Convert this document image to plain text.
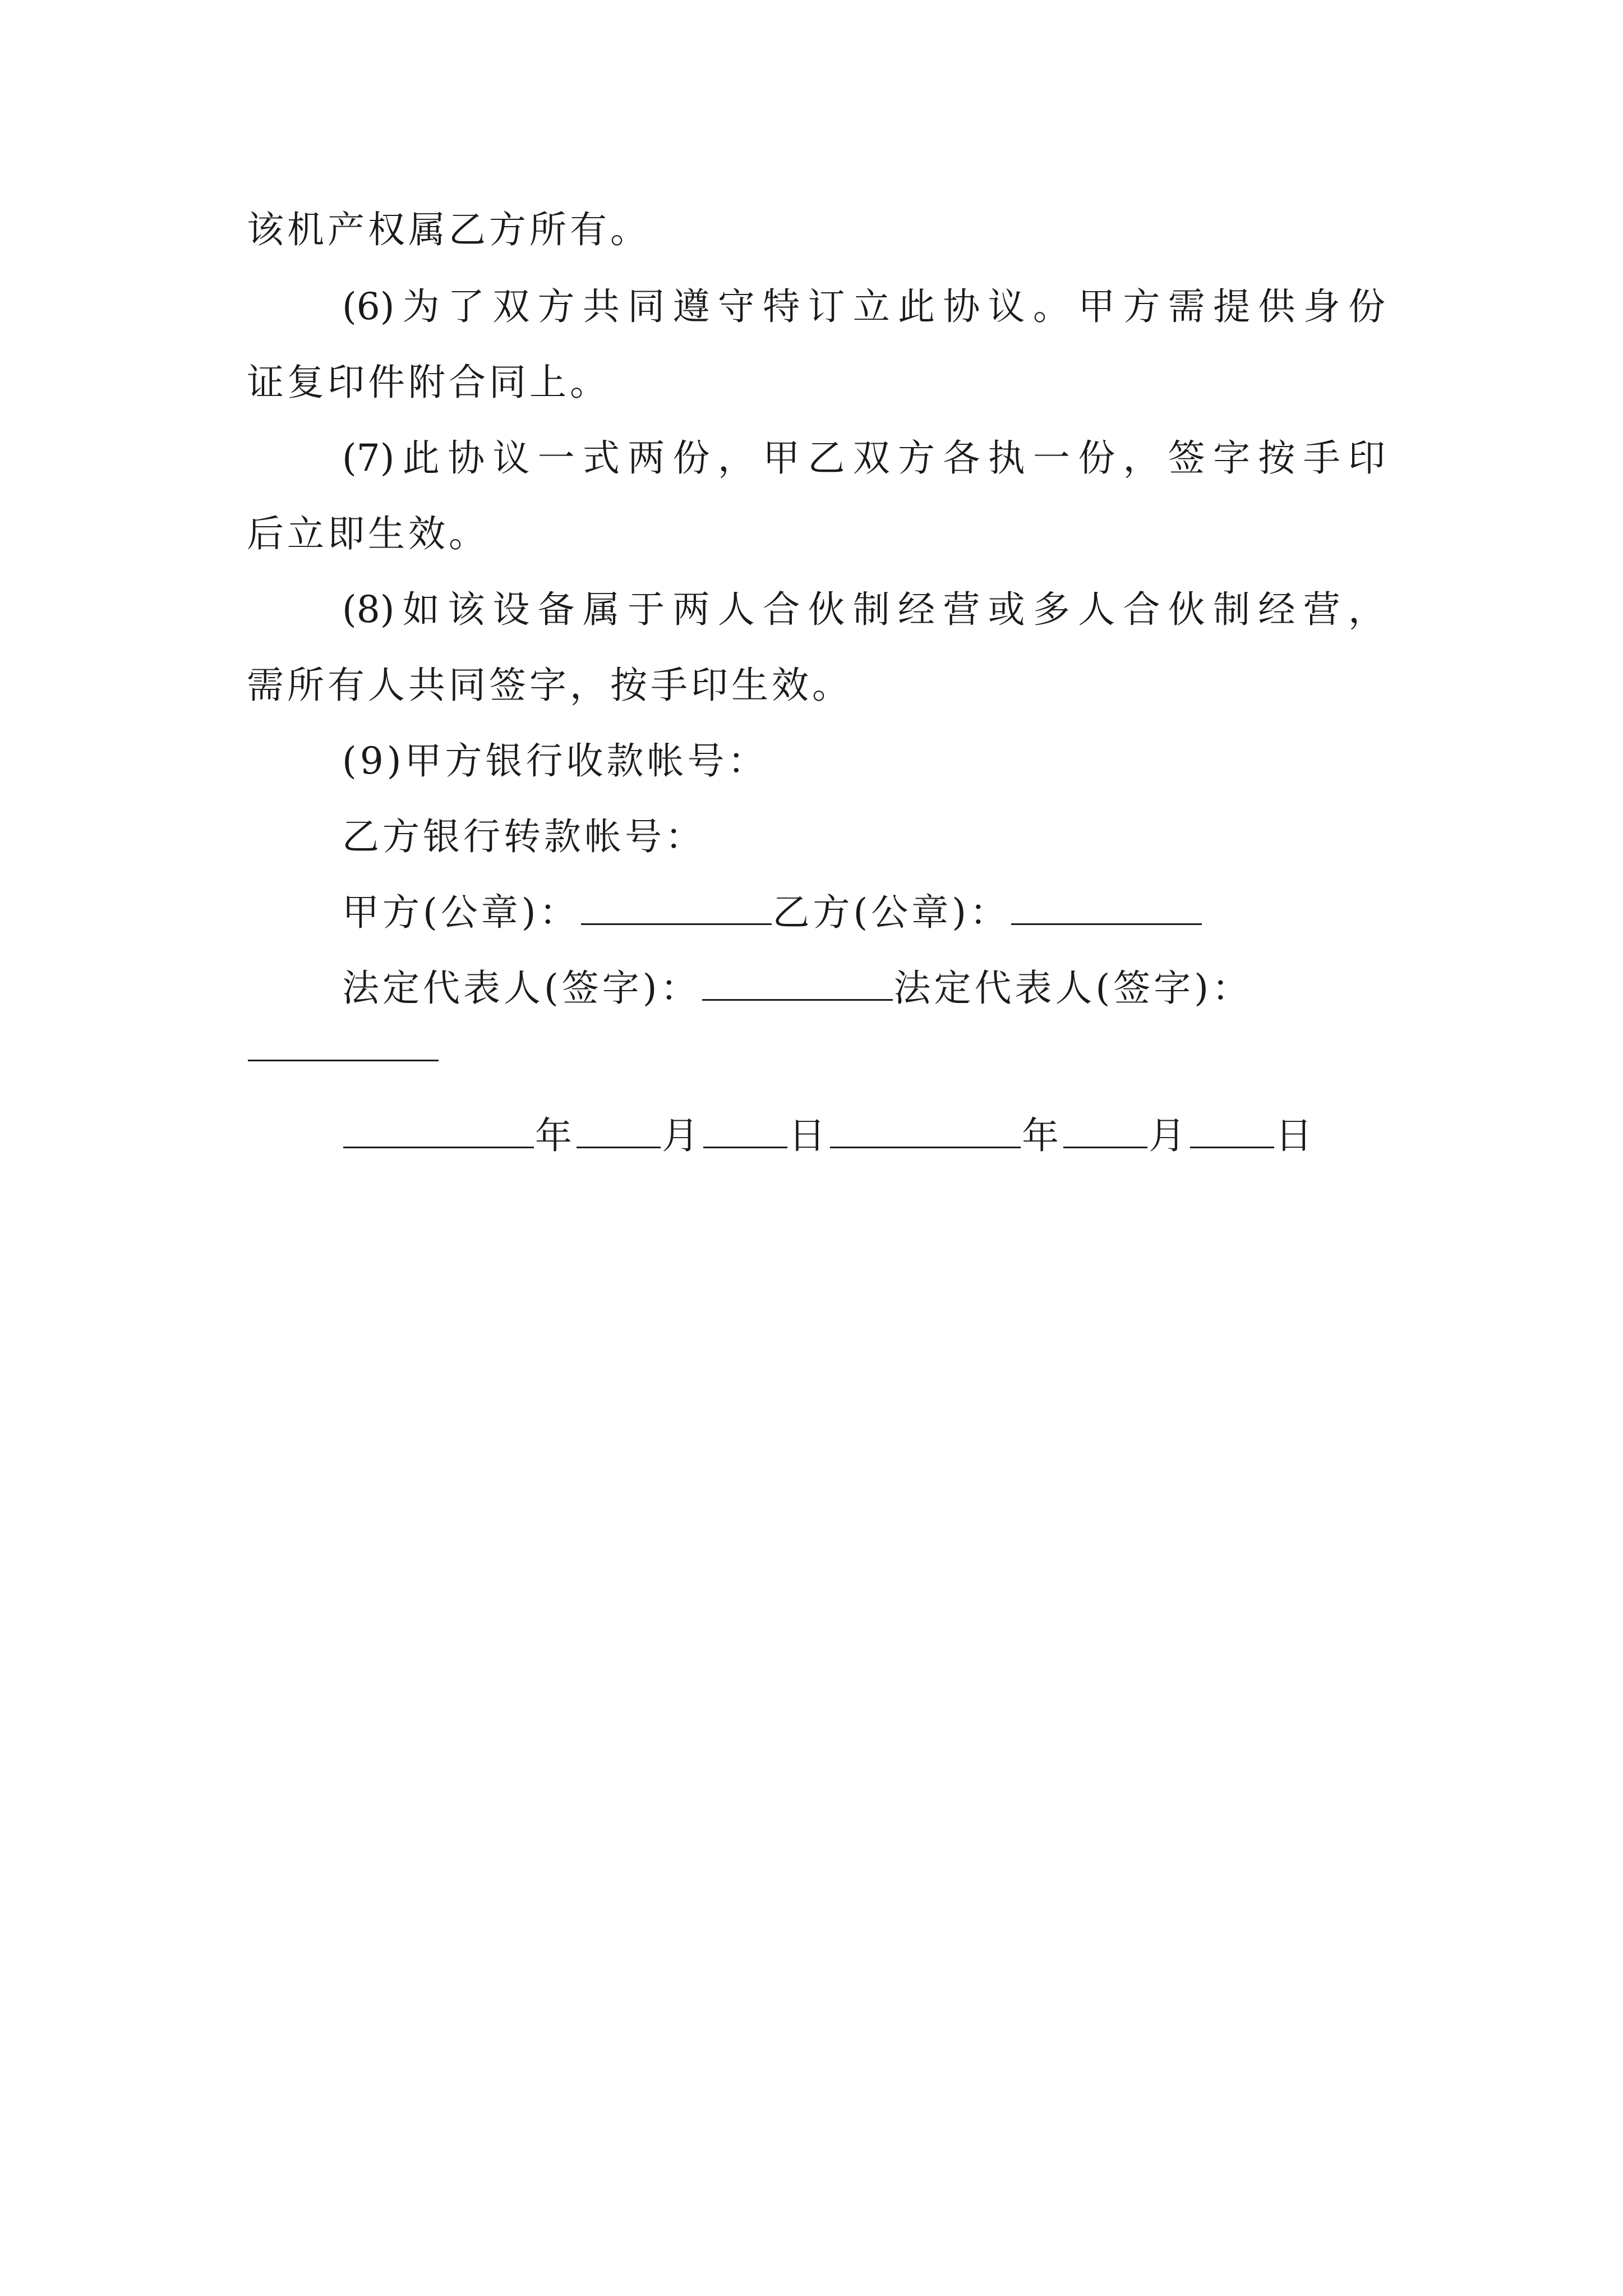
该机产权属乙方所有。
(6)为了双方共同遵守特订立此协议。甲方需提供身份
证复印件附合同上。
(7)此协议一式两份，甲乙双方各执一份，签字按手印
后立即生效。
(8)如该设备属于两人合伙制经营或多人合伙制经营，
需所有人共同签字，按手印生效。
(9)甲方银行收款帐号：
乙方银行转款帐号：
甲方(公章)：	乙方(公章)：
法定代表人(签字)：	法定代表人(签字)：
年 月 日	年 月 日
